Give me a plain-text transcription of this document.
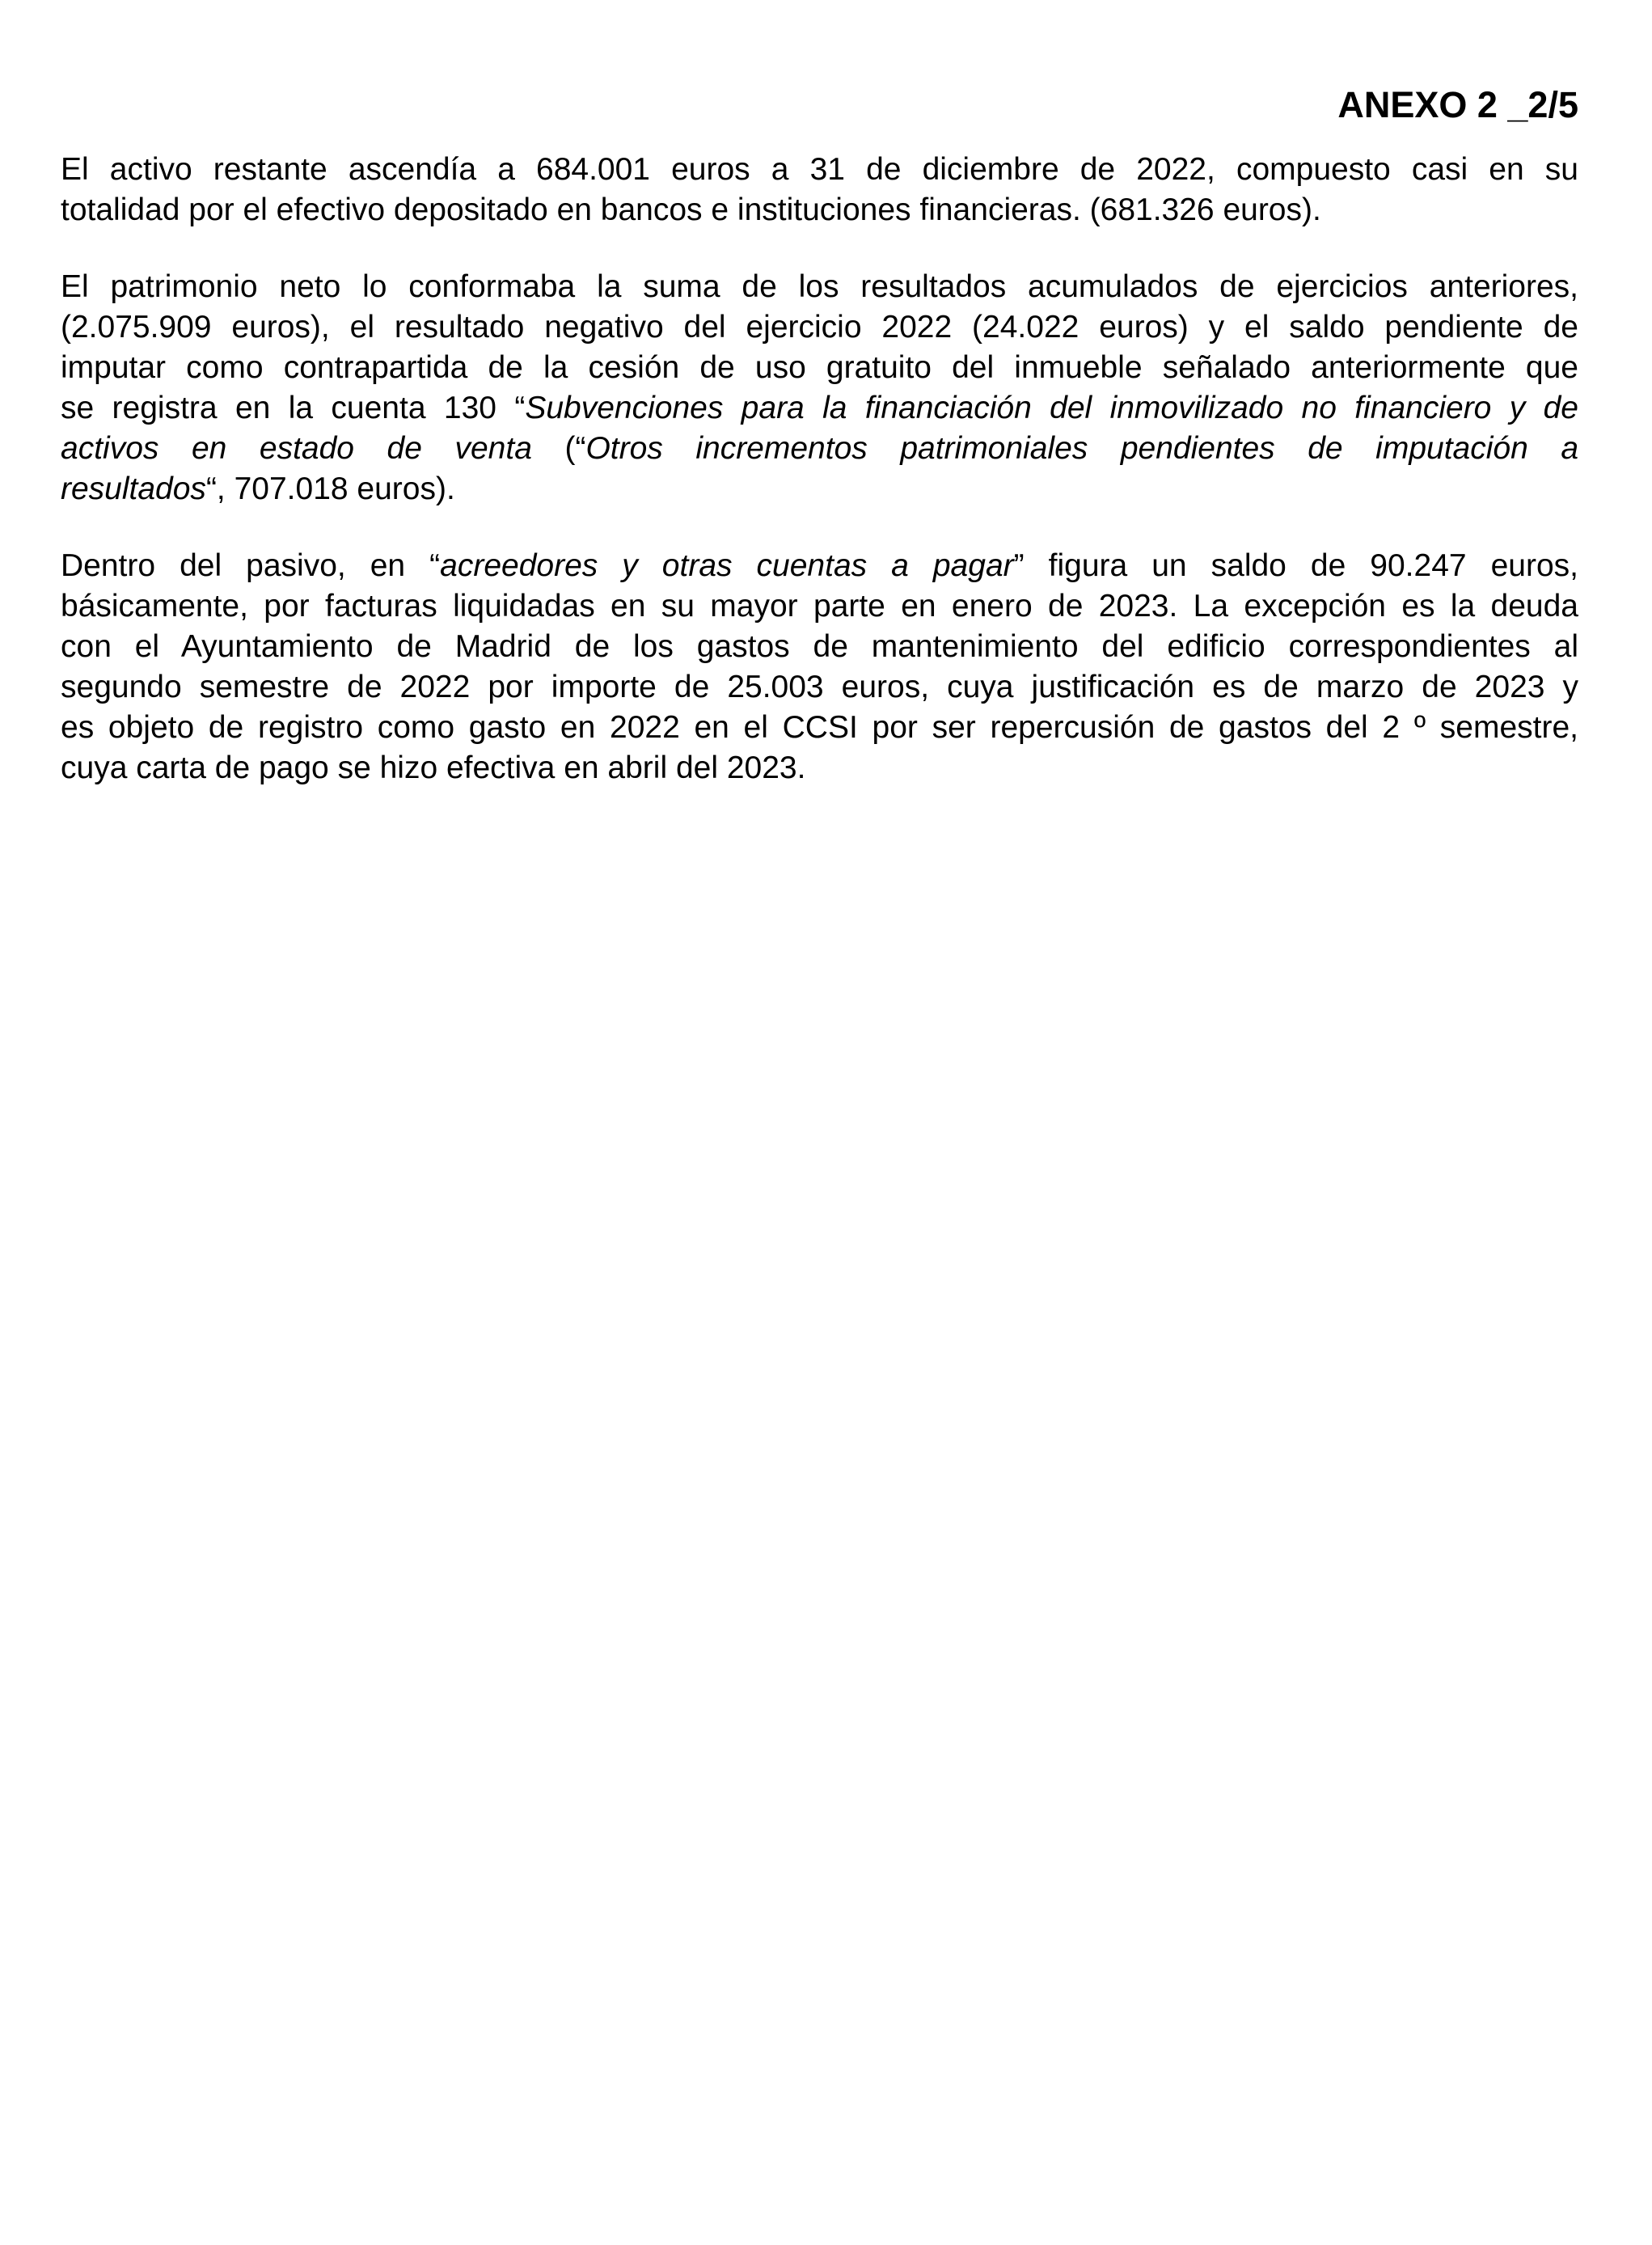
ANEXO 2 _2/5
El activo restante ascendía a 684.001 euros a 31 de diciembre de 2022, compuesto casi en su
totalidad por el efectivo depositado en bancos e instituciones financieras. (681.326 euros).
El patrimonio neto lo conformaba la suma de los resultados acumulados de ejercicios anteriores,
(2.075.909 euros), el resultado negativo del ejercicio 2022 (24.022 euros) y el saldo pendiente de
imputar como contrapartida de la cesión de uso gratuito del inmueble señalado anteriormente que
se registra en la cuenta 130 “Subvenciones para la financiación del inmovilizado no financiero y de
activos en estado de venta (“Otros incrementos patrimoniales pendientes de imputación a
resultados“, 707.018 euros).
Dentro del pasivo, en “acreedores y otras cuentas a pagar” figura un saldo de 90.247 euros,
básicamente, por facturas liquidadas en su mayor parte en enero de 2023. La excepción es la deuda
con el Ayuntamiento de Madrid de los gastos de mantenimiento del edificio correspondientes al
segundo semestre de 2022 por importe de 25.003 euros, cuya justificación es de marzo de 2023 y
es objeto de registro como gasto en 2022 en el CCSI por ser repercusión de gastos del 2 º semestre,
cuya carta de pago se hizo efectiva en abril del 2023.
